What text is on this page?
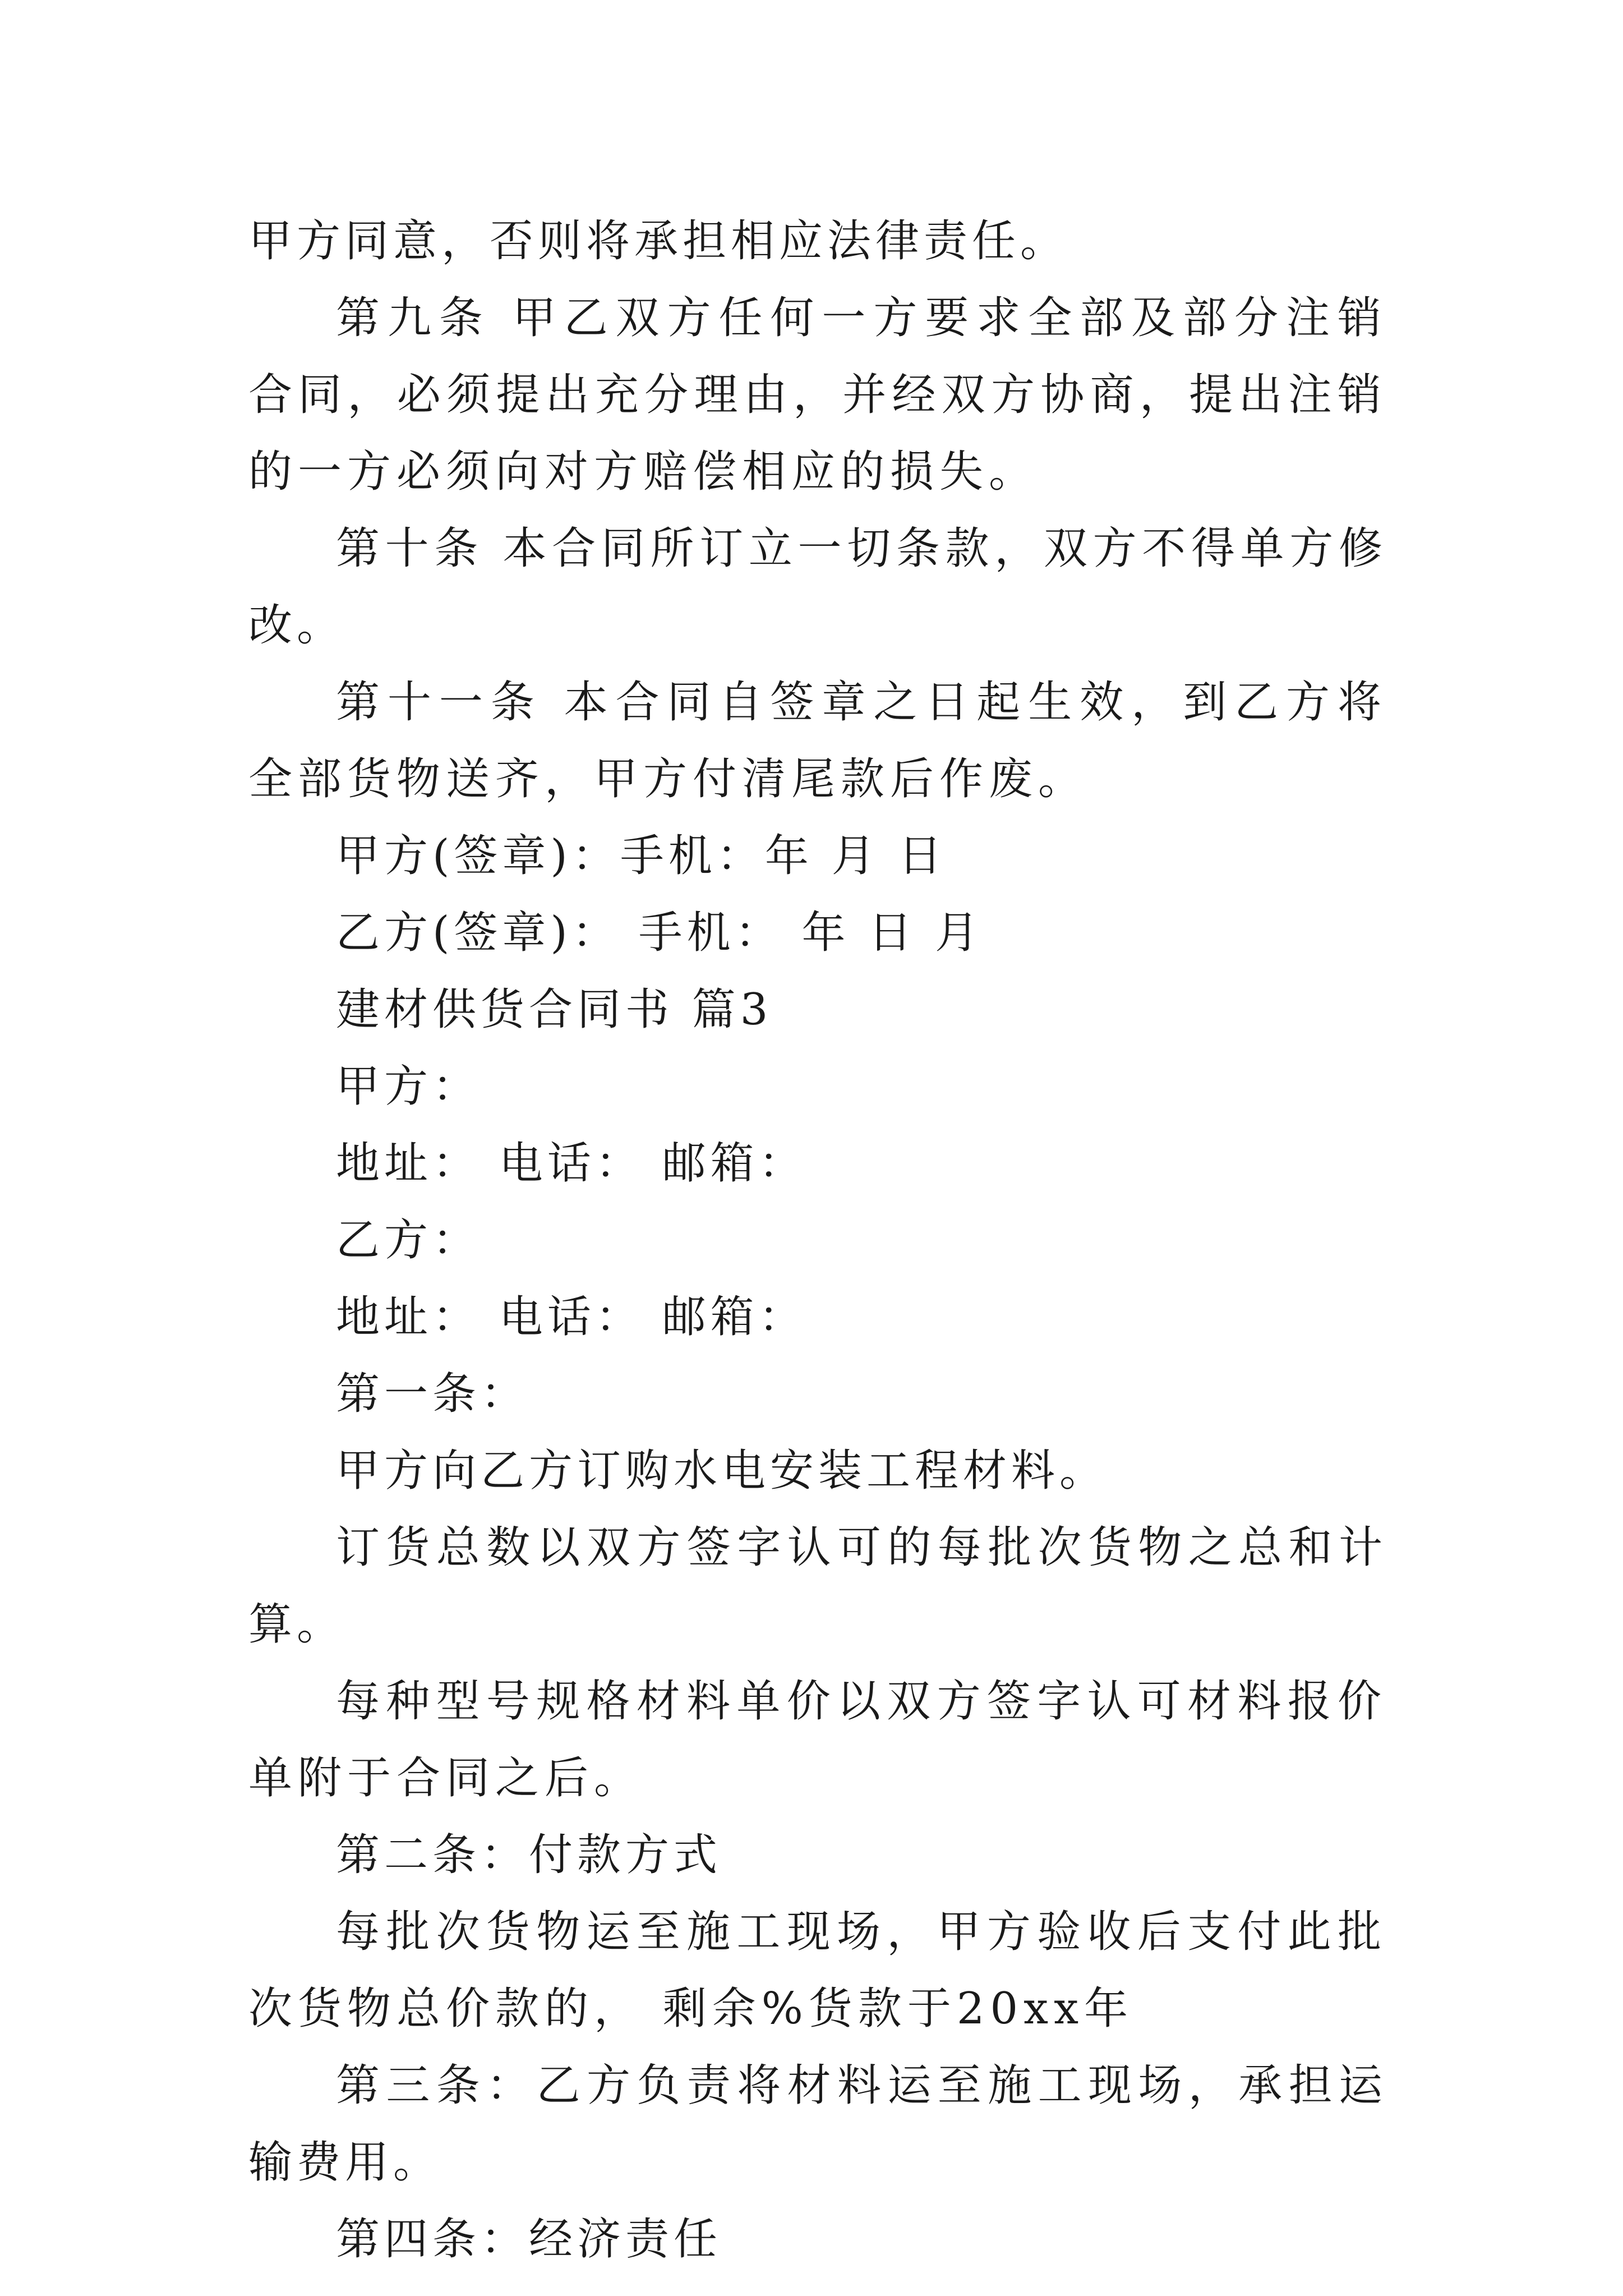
甲方同意，否则将承担相应法律责任。

第九条 甲乙双方任何一方要求全部及部分注销合同，必须提出充分理由，并经双方协商，提出注销的一方必须向对方赔偿相应的损失。

第十条 本合同所订立一切条款，双方不得单方修改。

第十一条 本合同自签章之日起生效，到乙方将全部货物送齐，甲方付清尾款后作废。

甲方(签章)：手机：年 月 日

乙方(签章)： 手机： 年 日 月

建材供货合同书 篇3

甲方：

地址： 电话： 邮箱：

乙方：

地址： 电话： 邮箱：

第一条：

甲方向乙方订购水电安装工程材料。

订货总数以双方签字认可的每批次货物之总和计算。

每种型号规格材料单价以双方签字认可材料报价单附于合同之后。

第二条：付款方式

每批次货物运至施工现场，甲方验收后支付此批次货物总价款的， 剩余%货款于20xx年

第三条：乙方负责将材料运至施工现场，承担运输费用。

第四条：经济责任
